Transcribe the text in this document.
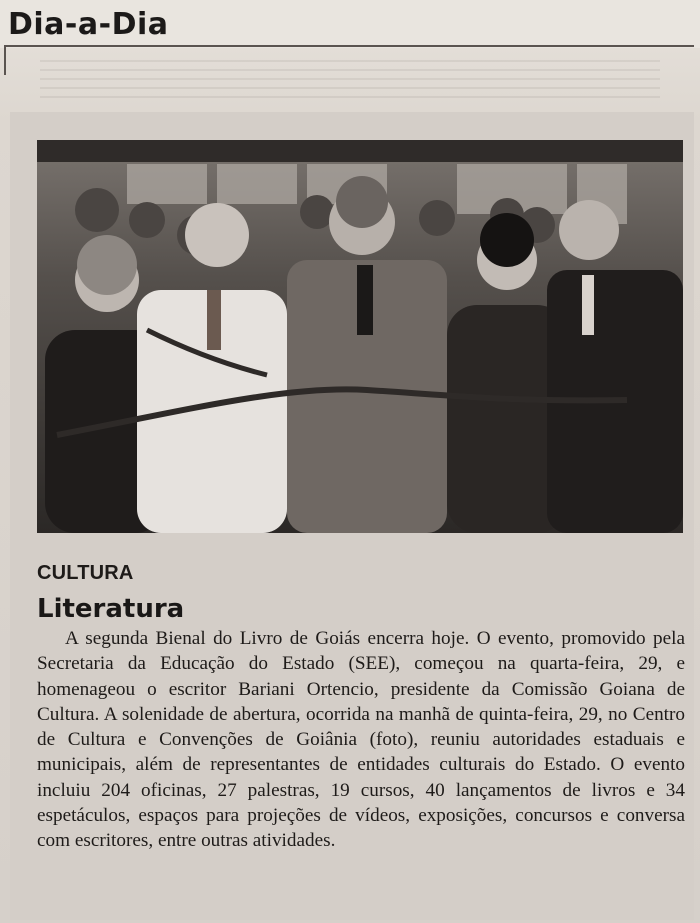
Dia-a-Dia
CULTURA
Literatura

A segunda Bienal do Livro de Goiás encerra hoje. O evento, promovido pela Secretaria da Educação do Estado (SEE), começou na quarta-feira, 29, e homenageou o escritor Bariani Ortencio, presidente da Comissão Goiana de Cultura. A solenidade de abertura, ocorrida na manhã de quinta-feira, 29, no Centro de Cultura e Convenções de Goiânia (foto), reuniu autoridades estaduais e municipais, além de representantes de entidades culturais do Estado. O evento incluiu 204 oficinas, 27 palestras, 19 cursos, 40 lançamentos de livros e 34 espetáculos, espaços para projeções de vídeos, exposições, concursos e conversa com escritores, entre outras atividades.
